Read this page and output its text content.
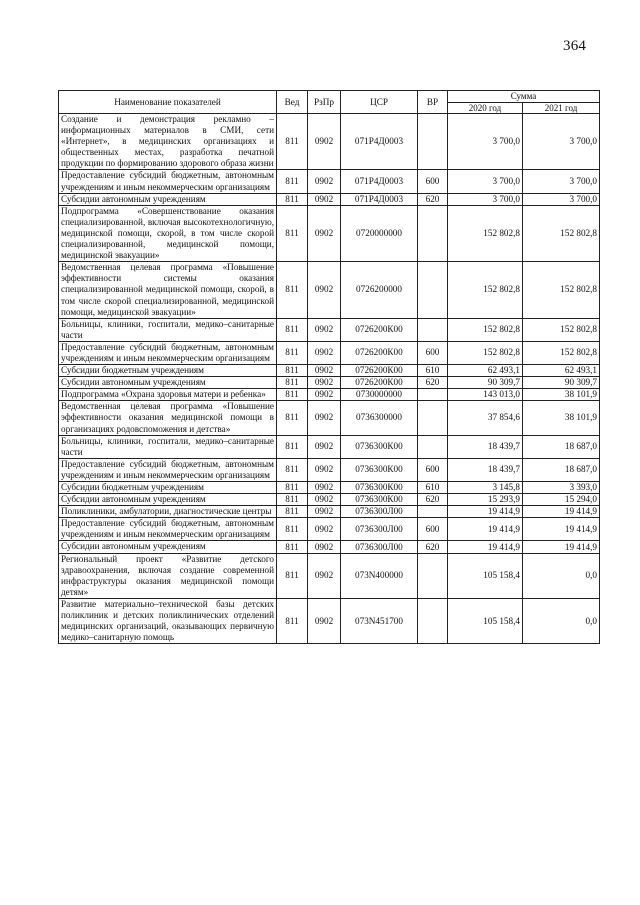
364
Наименование показателей	Вед	РзПр	ЦСР	ВР	Сумма	
					2020 год	2021 год
Создание и демонстрация рекламно – информационных материалов в СМИ, сети «Интернет», в медицинских организациях и общественных местах, разработка печатной продукции по формированию здорового образа жизни	811	0902	071Р4Д0003		3 700,0	3 700,0
Предоставление субсидий бюджетным, автономным учреждениям и иным некоммерческим организациям	811	0902	071Р4Д0003	600	3 700,0	3 700,0
Субсидии автономным учреждениям	811	0902	071Р4Д0003	620	3 700,0	3 700,0
Подпрограмма «Совершенствование оказания специализированной, включая высокотехнологичную, медицинской помощи, скорой, в том числе скорой специализированной, медицинской помощи, медицинской эвакуации»	811	0902	0720000000		152 802,8	152 802,8
Ведомственная целевая программа «Повышение эффективности системы оказания специализированной медицинской помощи, скорой, в том числе скорой специализированной, медицинской помощи, медицинской эвакуации»	811	0902	0726200000		152 802,8	152 802,8
Больницы, клиники, госпитали, медико–санитарные части	811	0902	0726200К00		152 802,8	152 802,8
Предоставление субсидий бюджетным, автономным учреждениям и иным некоммерческим организациям	811	0902	0726200К00	600	152 802,8	152 802,8
Субсидии бюджетным учреждениям	811	0902	0726200К00	610	62 493,1	62 493,1
Субсидии автономным учреждениям	811	0902	0726200К00	620	90 309,7	90 309,7
Подпрограмма «Охрана здоровья матери и ребенка»	811	0902	0730000000		143 013,0	38 101,9
Ведомственная целевая программа «Повышение эффективности оказания медицинской помощи в организациях родовспоможения и детства»	811	0902	0736300000		37 854,6	38 101,9
Больницы, клиники, госпитали, медико–санитарные части	811	0902	0736300К00		18 439,7	18 687,0
Предоставление субсидий бюджетным, автономным учреждениям и иным некоммерческим организациям	811	0902	0736300К00	600	18 439,7	18 687,0
Субсидии бюджетным учреждениям	811	0902	0736300К00	610	3 145,8	3 393,0
Субсидии автономным учреждениям	811	0902	0736300К00	620	15 293,9	15 294,0
Поликлиники, амбулатории, диагностические центры	811	0902	0736300Л00		19 414,9	19 414,9
Предоставление субсидий бюджетным, автономным учреждениям и иным некоммерческим организациям	811	0902	0736300Л00	600	19 414,9	19 414,9
Субсидии автономным учреждениям	811	0902	0736300Л00	620	19 414,9	19 414,9
Региональный проект «Развитие детского здравоохранения, включая создание современной инфраструктуры оказания медицинской помощи детям»	811	0902	073N400000		105 158,4	0,0
Развитие материально–технической базы детских поликлиник и детских поликлинических отделений медицинских организаций, оказывающих первичную медико–санитарную помощь	811	0902	073N451700		105 158,4	0,0
